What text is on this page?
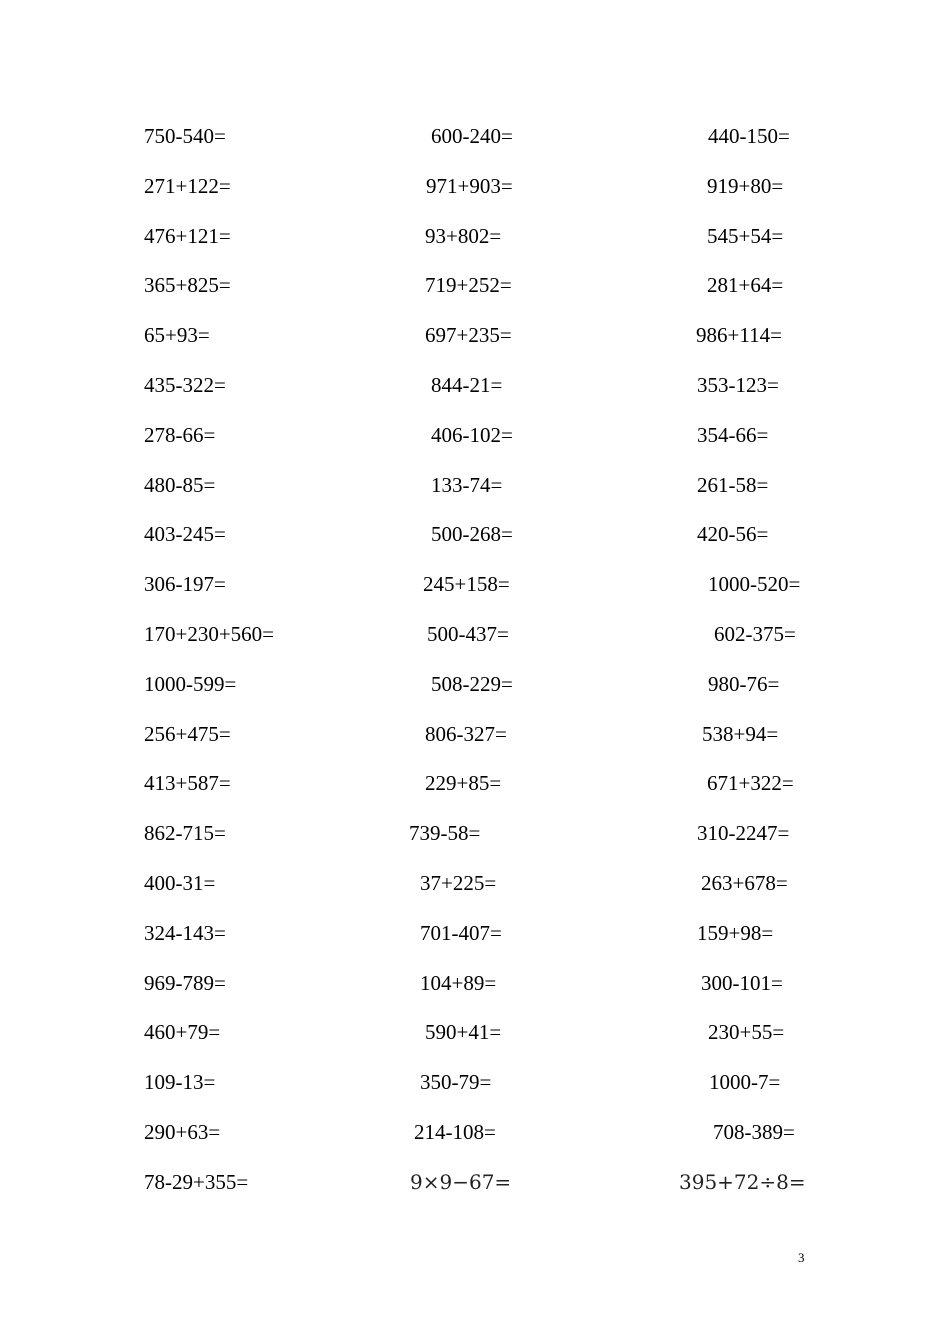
750-540=	600-240=	440-150=
271+122=	971+903=	919+80=
476+121=	93+802=	545+54=
365+825=	719+252=	281+64=
65+93=	697+235=	986+114=
435-322=	844-21=	353-123=
278-66=	406-102=	354-66=
480-85=	133-74=	261-58=
403-245=	500-268=	420-56=
306-197=	245+158=	1000-520=
170+230+560=	500-437=	602-375=
1000-599=	508-229=	980-76=
256+475=	806-327=	538+94=
413+587=	229+85=	671+322=
862-715=	739-58=	310-2247=
400-31=	37+225=	263+678=
324-143=	701-407=	159+98=
969-789=	104+89=	300-101=
460+79=	590+41=	230+55=
109-13=	350-79=	1000-7=
290+63=	214-108=	708-389=
78-29+355=	9×9−67=	395+72÷8=
3
